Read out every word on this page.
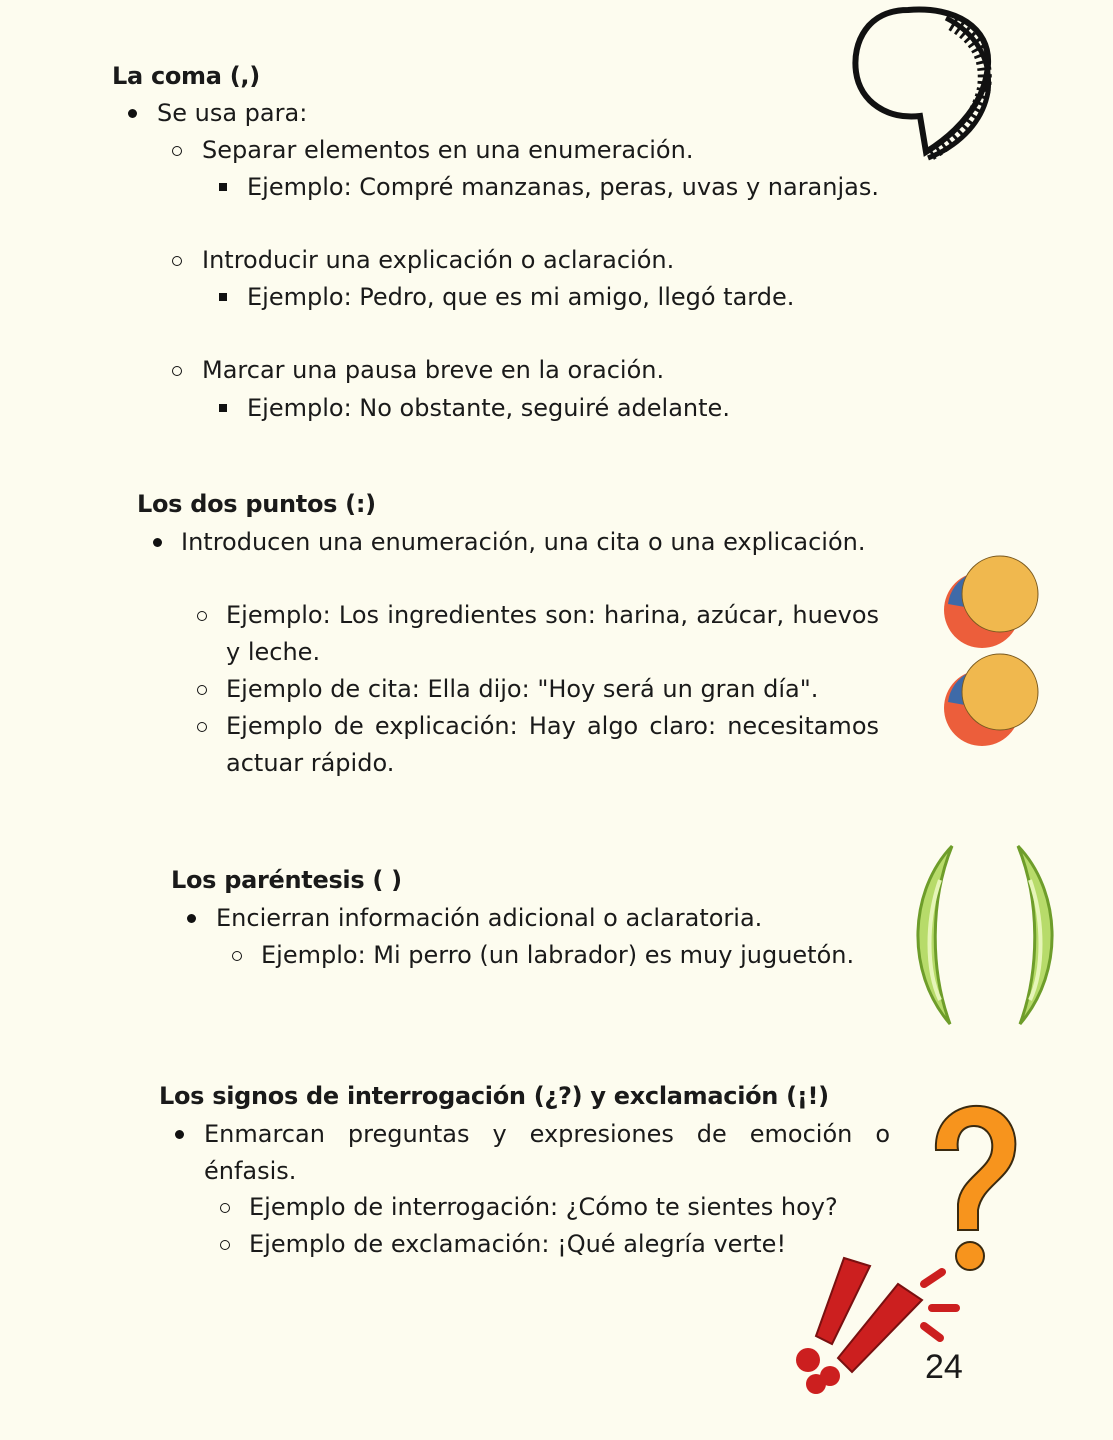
La coma (,)
Se usa para:
Separar elementos en una enumeración.
Ejemplo: Compré manzanas, peras, uvas y naranjas.
Introducir una explicación o aclaración.
Ejemplo: Pedro, que es mi amigo, llegó tarde.
Marcar una pausa breve en la oración.
Ejemplo: No obstante, seguiré adelante.
Los dos puntos (:)
Introducen una enumeración, una cita o una explicación.
Ejemplo: Los ingredientes son: harina, azúcar, huevos y leche.
Ejemplo de cita: Ella dijo: "Hoy será un gran día".
Ejemplo de explicación: Hay algo claro: necesitamos actuar rápido.
Los paréntesis ( )
Encierran información adicional o aclaratoria.
Ejemplo: Mi perro (un labrador) es muy juguetón.
Los signos de interrogación (¿?) y exclamación (¡!)
Enmarcan preguntas y expresiones de emoción o énfasis.
Ejemplo de interrogación: ¿Cómo te sientes hoy?
Ejemplo de exclamación: ¡Qué alegría verte!
24
